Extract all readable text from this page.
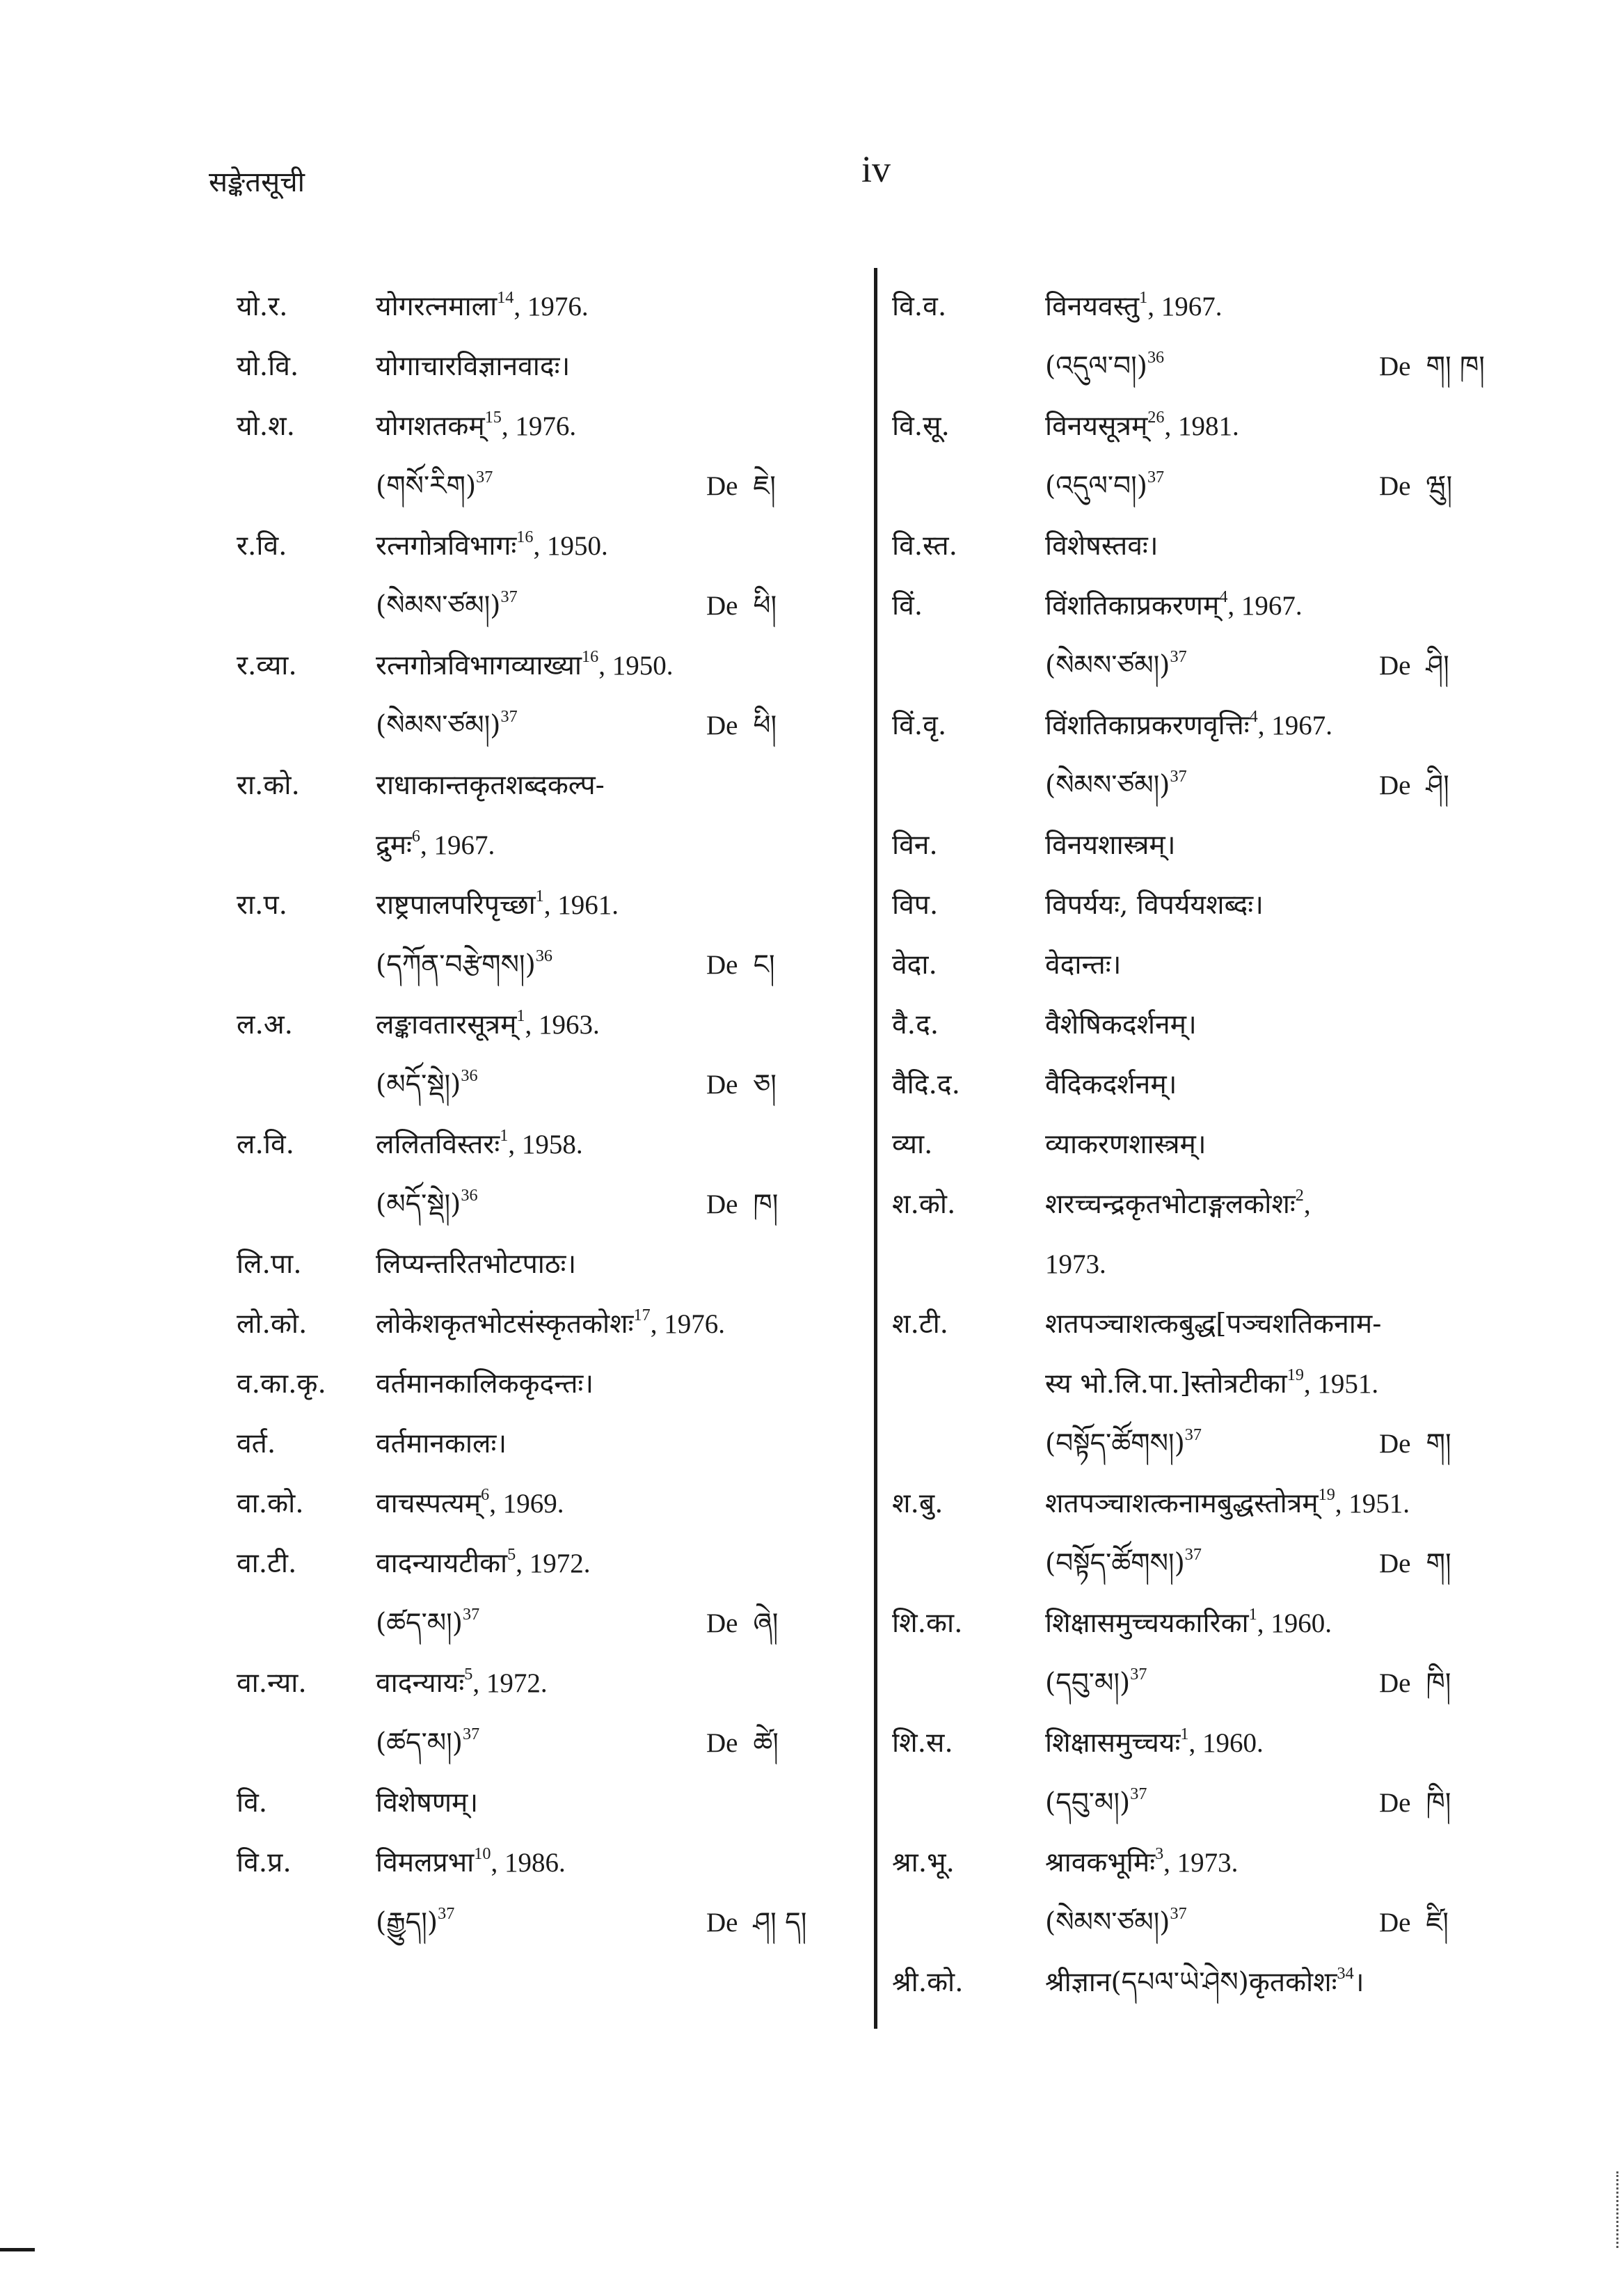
सङ्केतसूची	iv
यो.र.	योगरत्नमाला$^{14}$, 1976.
यो.वि.	योगाचारविज्ञानवादः।
यो.श.	योगशतकम्$^{15}$, 1976.
(གསོ་རིག)$^{37}$	De ཇེ།
र.वि.	रत्नगोत्रविभागः$^{16}$, 1950.
(སེམས་ཙམ།)$^{37}$	De ཕི།
र.व्या.	रत्नगोत्रविभागव्याख्या$^{16}$, 1950.
(སེམས་ཙམ།)$^{37}$	De ཕི།
रा.को.	राधाकान्तकृतशब्दकल्प-
द्रुमः$^6$, 1967.
रा.प.	राष्ट्रपालपरिपृच्छा$^1$, 1961.
(དཀོན་བརྩེགས།)$^{36}$	De ང།
ल.अ.	लङ्कावतारसूत्रम्$^1$, 1963.
(མདོ་སྡེ།)$^{36}$	De ཅ།
ल.वि.	ललितविस्तरः$^1$, 1958.
(མདོ་སྡེ།)$^{36}$	De ཁ།
लि.पा.	लिप्यन्तरितभोटपाठः।
लो.को.	लोकेशकृतभोटसंस्कृतकोशः$^{17}$, 1976.
व.का.कृ. वर्तमानकालिककृदन्तः।
वर्त.	वर्तमानकालः।
वा.को.	वाचस्पत्यम्$^6$, 1969.
वा.टी.	वादन्यायटीका$^5$, 1972.
(ཚད་མ།)$^{37}$	De ཞེ།
वा.न्या.	वादन्यायः$^5$, 1972.
(ཚད་མ།)$^{37}$	De ཚེ།
वि.	विशेषणम्।
वि.प्र.	विमलप्रभा$^{10}$, 1986.
(རྒྱུད།)$^{37}$	De ཤ། ད།
वि.व.	विनयवस्तु$^1$, 1967.
(འདུལ་བ།)$^{36}$	De ག། ཁ།
वि.सू.	विनयसूत्रम्$^{26}$, 1981.
(འདུལ་བ།)$^{37}$	De ཝུ།
वि.स्त.	विशेषस्तवः।
विं.	विंशतिकाप्रकरणम्$^4$, 1967.
(སེམས་ཙམ།)$^{37}$	De ཤི།
विं.वृ.	विंशतिकाप्रकरणवृत्तिः$^4$, 1967.
(སེམས་ཙམ།)$^{37}$	De ཤི།
विन.	विनयशास्त्रम्।
विप.	विपर्ययः, विपर्ययशब्दः।
वेदा.	वेदान्तः।
वै.द.	वैशेषिकदर्शनम्।
वैदि.द.	वैदिकदर्शनम्।
व्या.	व्याकरणशास्त्रम्।
श.को.	शरच्चन्द्रकृतभोटाङ्गलकोशः$^2$,
1973.
श.टी.	शतपञ्चाशत्कबुद्ध[पञ्चशतिकनाम-
स्य भो.लि.पा.]स्तोत्रटीका$^{19}$, 1951.
(བསྟོད་ཚོགས།)$^{37}$	De ག།
श.बु.	शतपञ्चाशत्कनामबुद्धस्तोत्रम्$^{19}$, 1951.
(བསྟོད་ཚོགས།)$^{37}$	De ག།
शि.का.	शिक्षासमुच्चयकारिका$^1$, 1960.
(དབུ་མ།)$^{37}$	De ཁི།
शि.स.	शिक्षासमुच्चयः$^1$, 1960.
(དབུ་མ།)$^{37}$	De ཁི།
श्रा.भू.	श्रावकभूमिः$^3$, 1973.
(སེམས་ཙམ།)$^{37}$	De ཛི།
श्री.को.	श्रीज्ञान(དཔལ་ཡེ་ཤེས)कृतकोशः$^{34}$।
